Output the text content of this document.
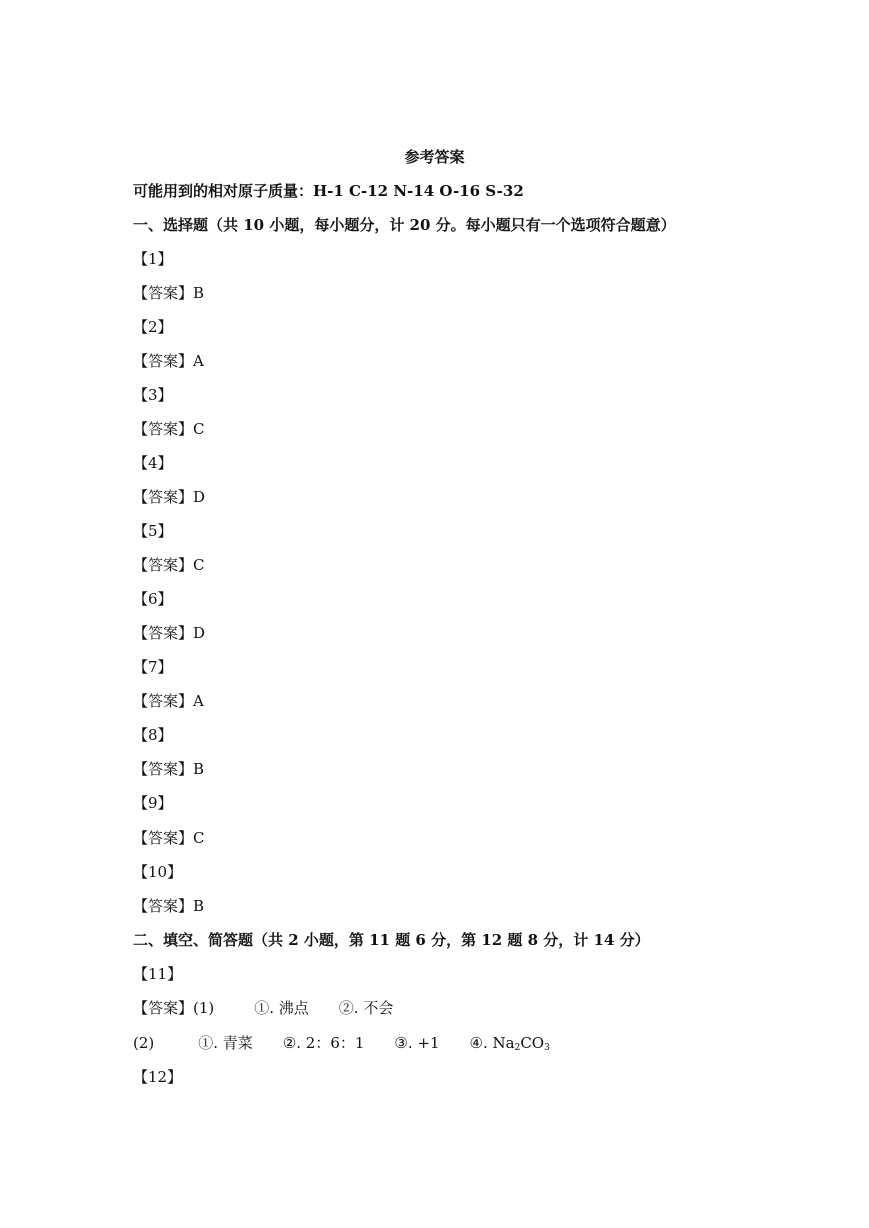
参考答案
可能用到的相对原子质量：H-1 C-12 N-14 O-16 S-32
一、选择题（共 10 小题，每小题分，计 20 分。每小题只有一个选项符合题意）
【1】
【答案】B
【2】
【答案】A
【3】
【答案】C
【4】
【答案】D
【5】
【答案】C
【6】
【答案】D
【7】
【答案】A
【8】
【答案】B
【9】
【答案】C
【10】
【答案】B
二、填空、简答题（共 2 小题，第 11 题 6 分，第 12 题 8 分，计 14 分）
【11】
【答案】(1)	①. 沸点 ②. 不会
(2)	①. 青菜 ②. 2：6：1 ③. +1 ④. $Na_2CO_3$
【12】
